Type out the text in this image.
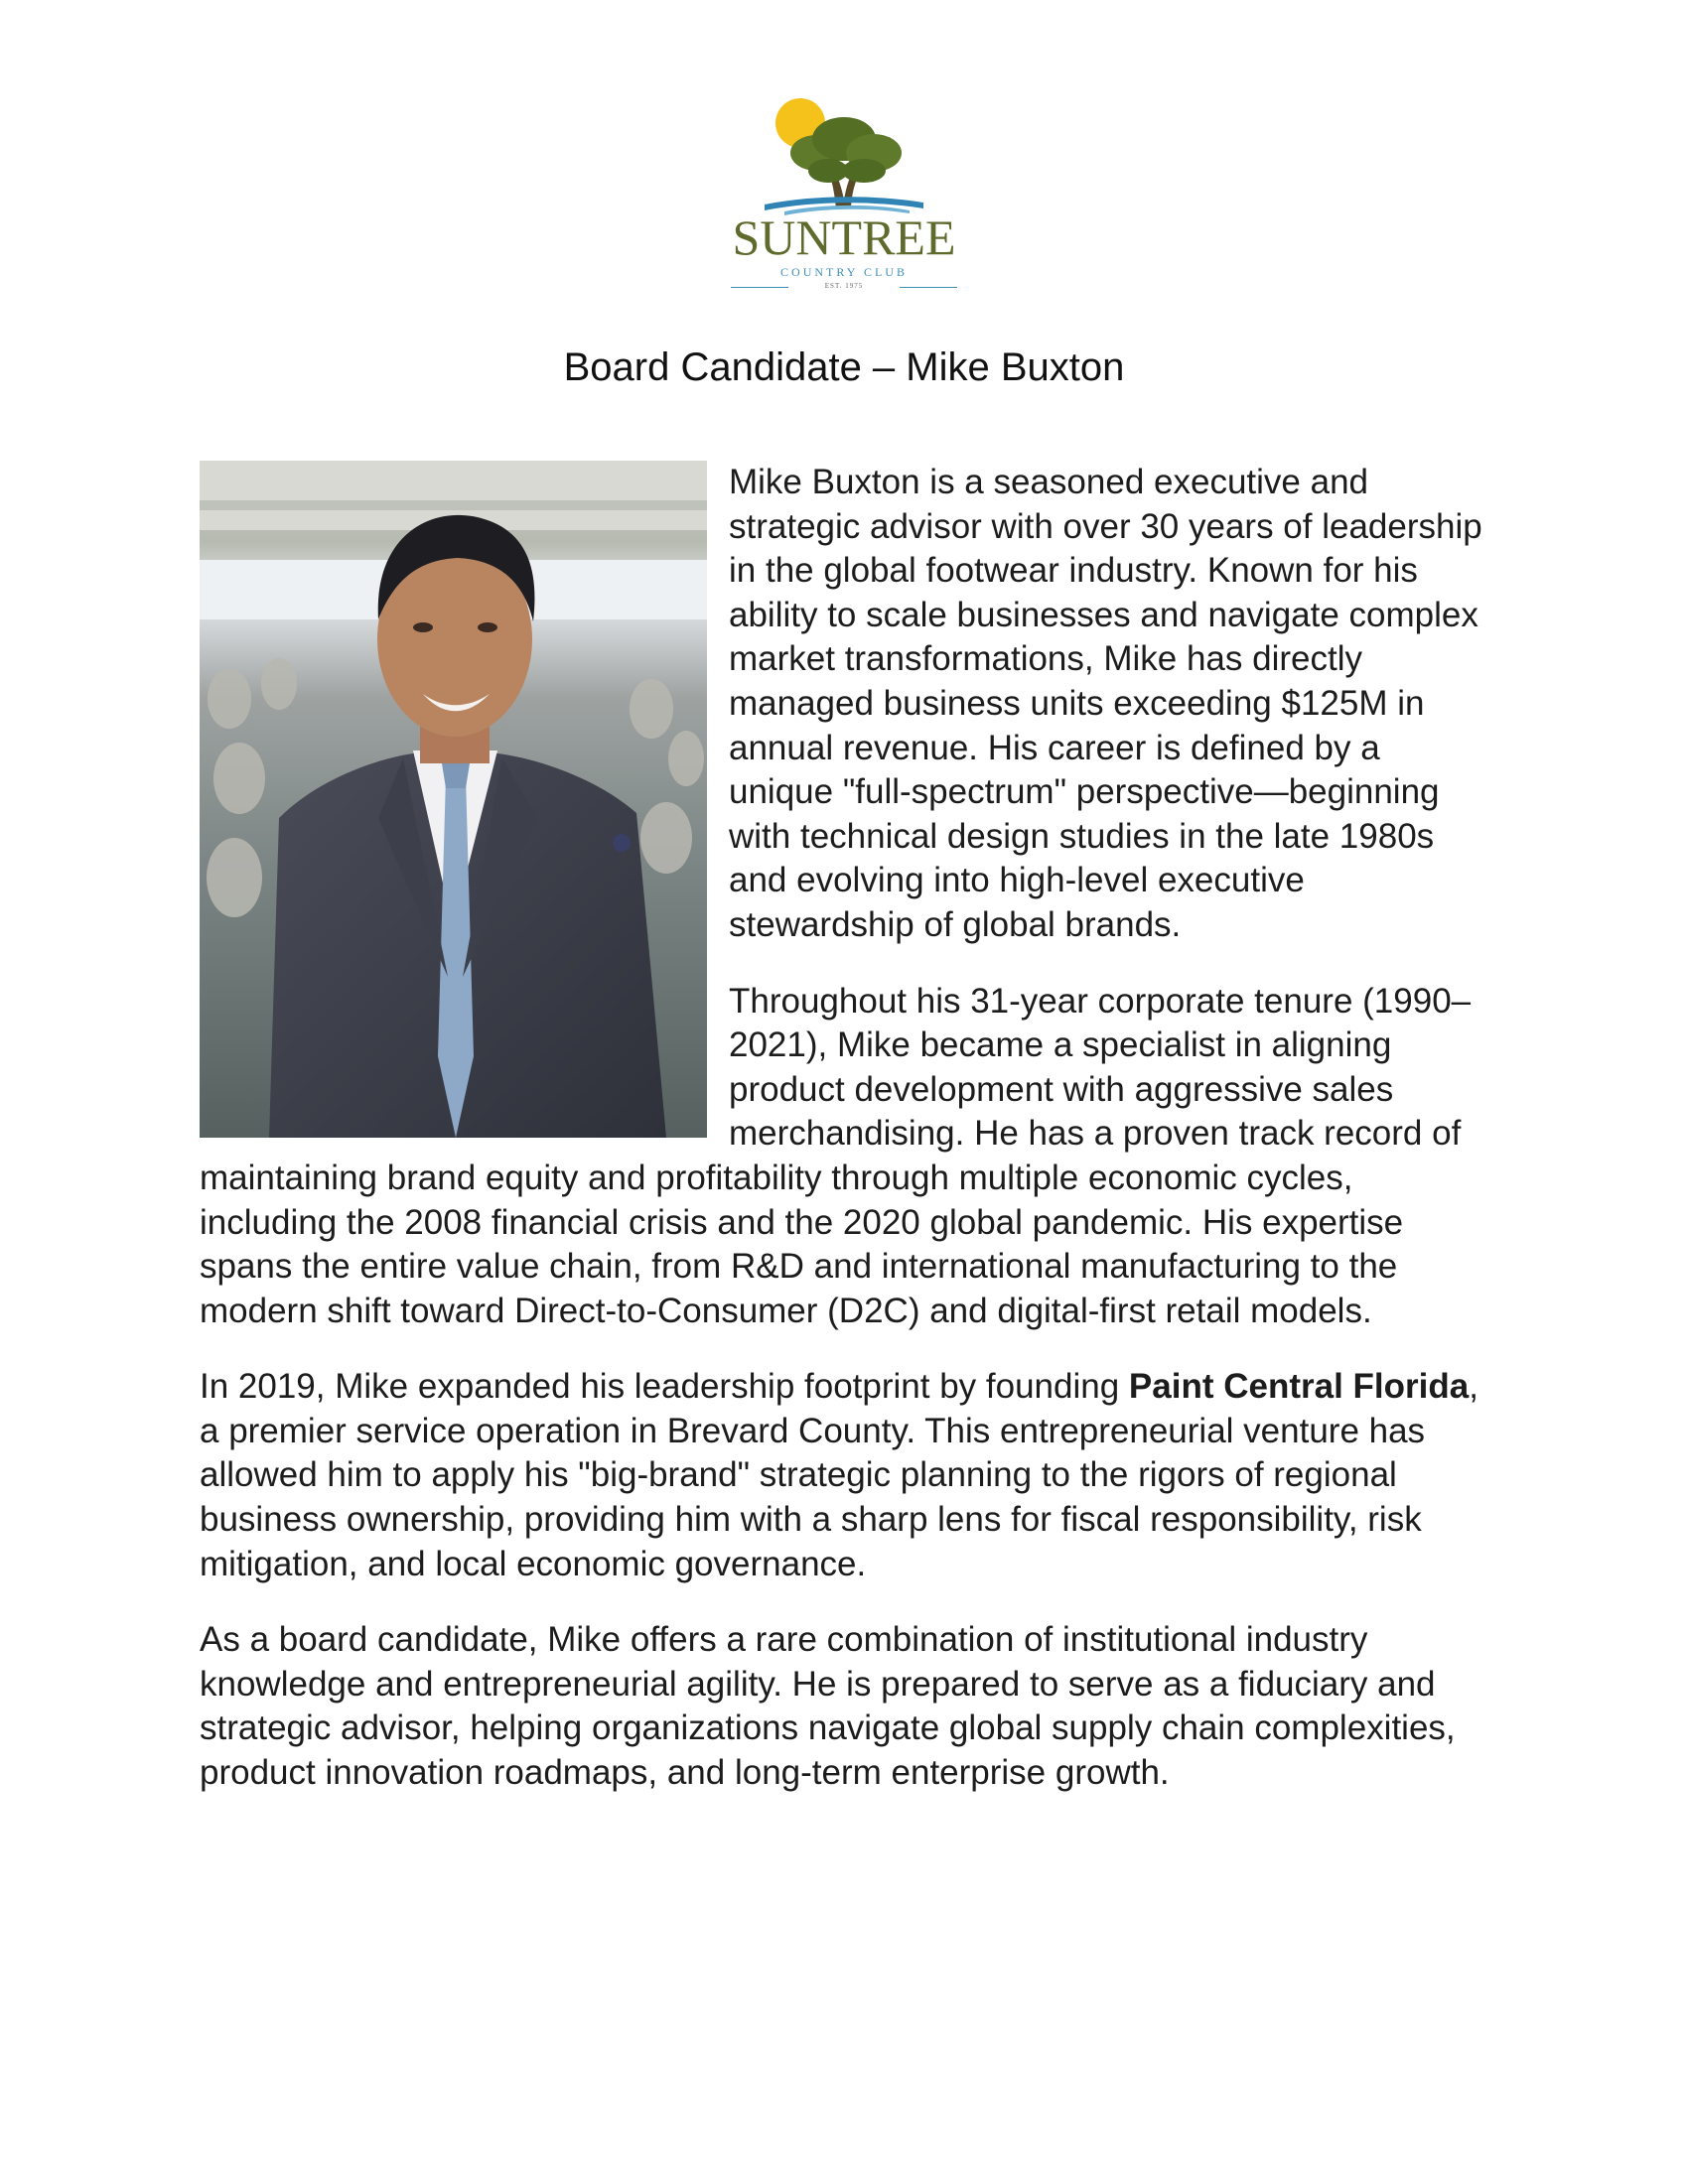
SUNTREE
COUNTRY CLUB
EST. 1975
Board Candidate – Mike Buxton

Mike Buxton is a seasoned executive and strategic advisor with over 30 years of leadership in the global footwear industry. Known for his ability to scale businesses and navigate complex market transformations, Mike has directly managed business units exceeding $125M in annual revenue. His career is defined by a unique "full-spectrum" perspective—beginning with technical design studies in the late 1980s and evolving into high-level executive stewardship of global brands.

Throughout his 31-year corporate tenure (1990–2021), Mike became a specialist in aligning product development with aggressive sales merchandising. He has a proven track record of maintaining brand equity and profitability through multiple economic cycles, including the 2008 financial crisis and the 2020 global pandemic. His expertise spans the entire value chain, from R&D and international manufacturing to the modern shift toward Direct-to-Consumer (D2C) and digital-first retail models.

In 2019, Mike expanded his leadership footprint by founding Paint Central Florida, a premier service operation in Brevard County. This entrepreneurial venture has allowed him to apply his "big-brand" strategic planning to the rigors of regional business ownership, providing him with a sharp lens for fiscal responsibility, risk mitigation, and local economic governance.

As a board candidate, Mike offers a rare combination of institutional industry knowledge and entrepreneurial agility. He is prepared to serve as a fiduciary and strategic advisor, helping organizations navigate global supply chain complexities, product innovation roadmaps, and long-term enterprise growth.
